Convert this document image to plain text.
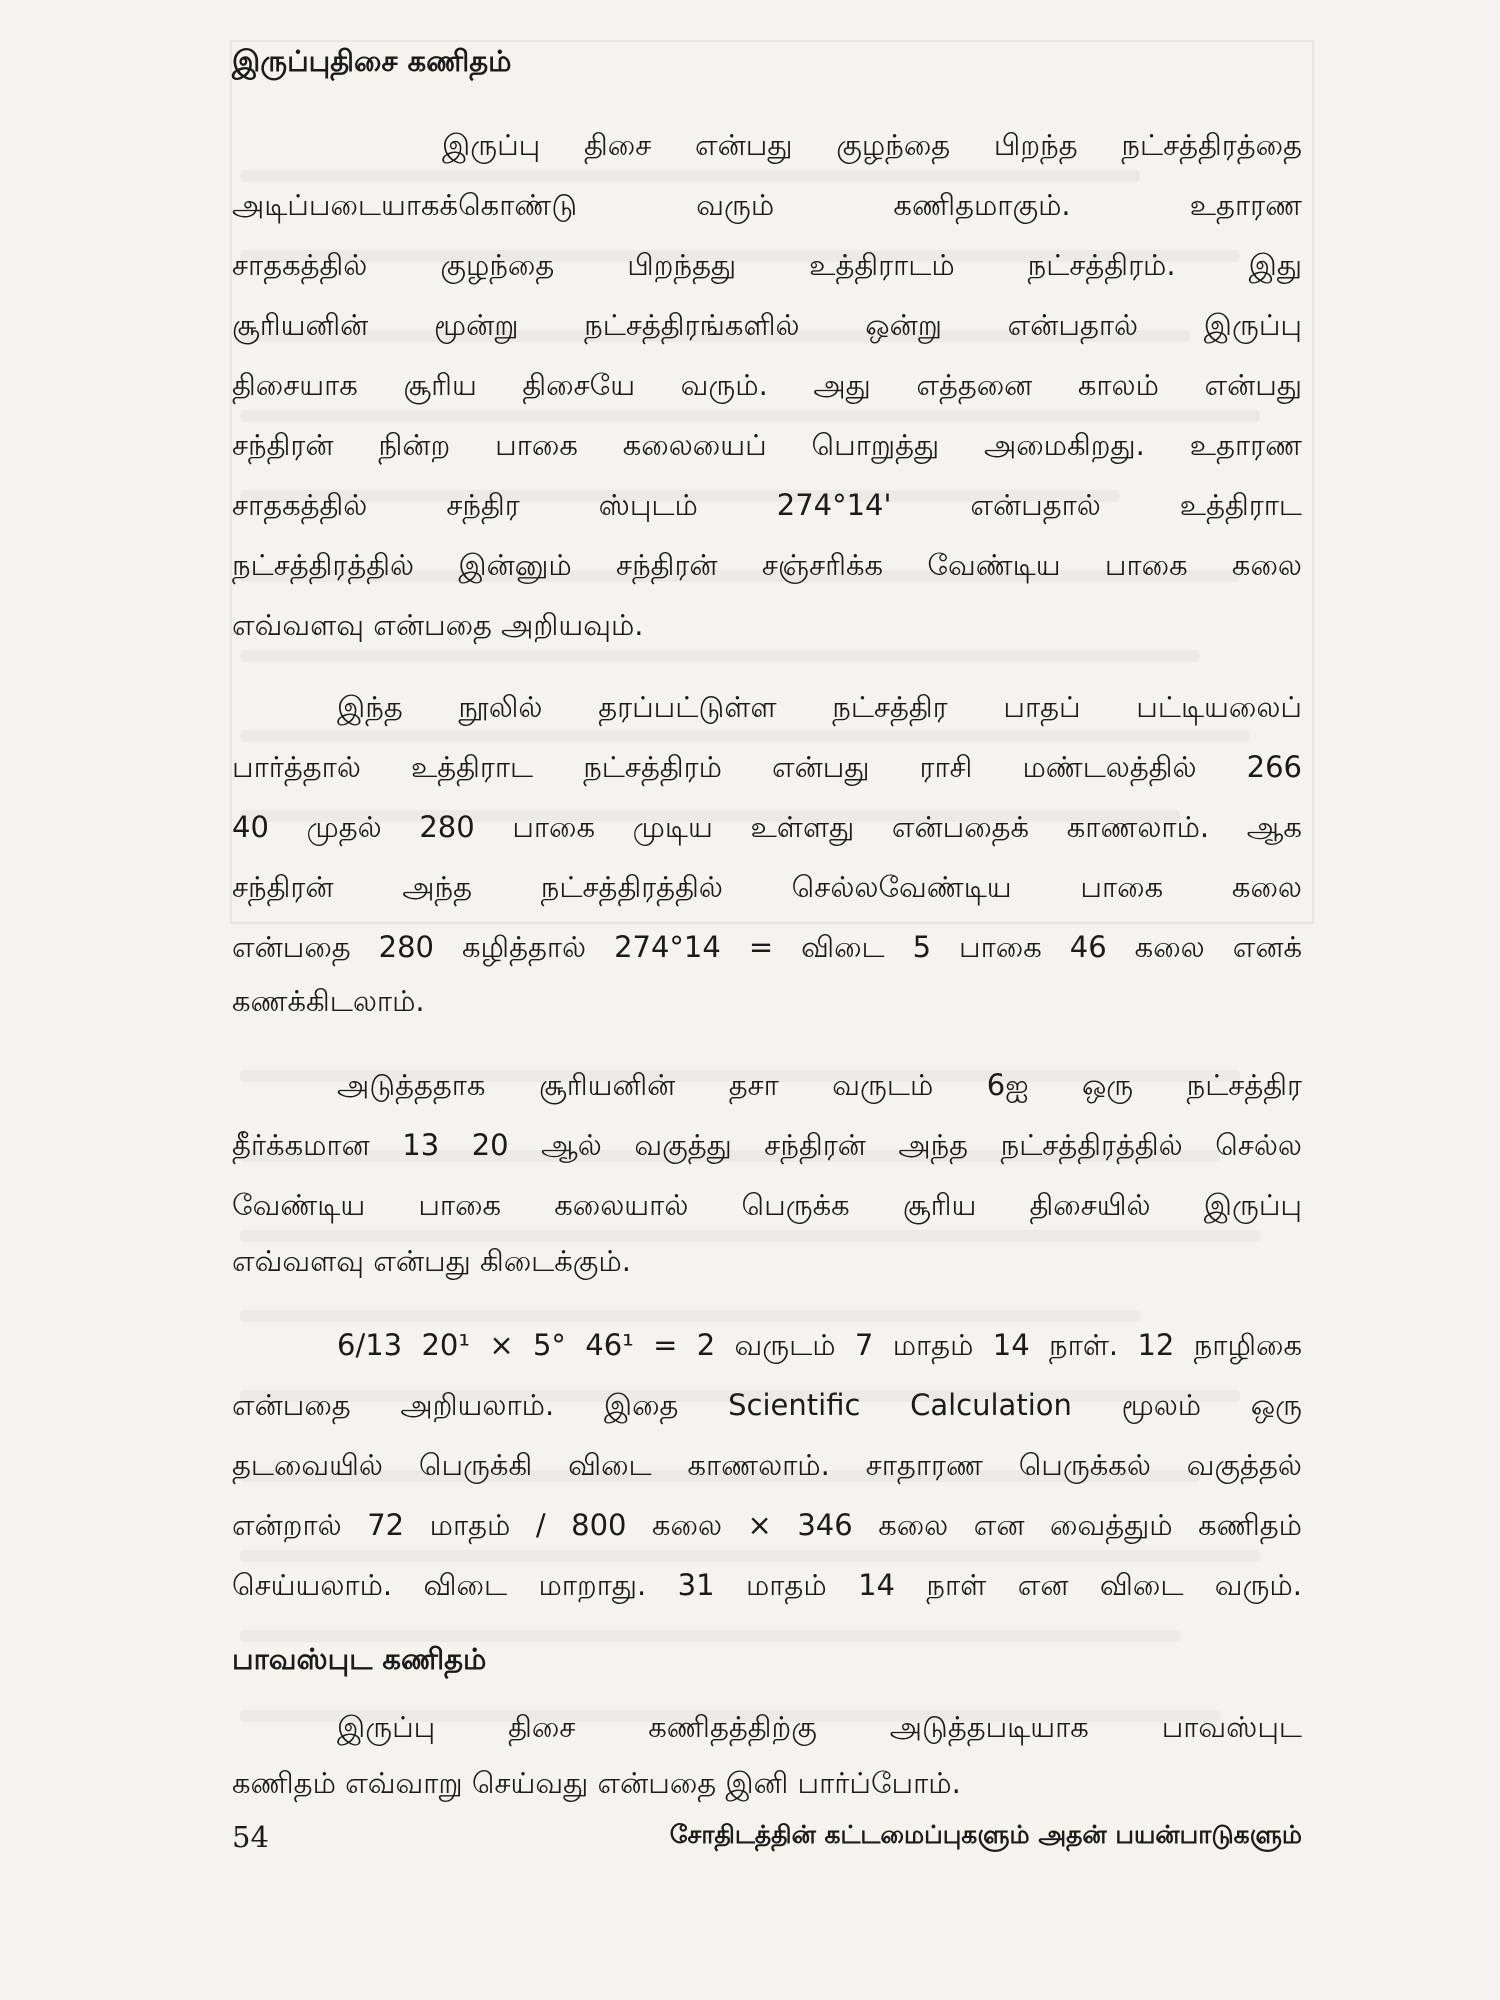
இருப்புதிசை கணிதம்
இருப்பு திசை என்பது குழந்தை பிறந்த நட்சத்திரத்தை
அடிப்படையாகக்கொண்டு வரும் கணிதமாகும். உதாரண
சாதகத்தில் குழந்தை பிறந்தது உத்திராடம் நட்சத்திரம். இது
சூரியனின் மூன்று நட்சத்திரங்களில் ஒன்று என்பதால் இருப்பு
திசையாக சூரிய திசையே வரும். அது எத்தனை காலம் என்பது
சந்திரன் நின்ற பாகை கலையைப் பொறுத்து அமைகிறது. உதாரண
சாதகத்தில் சந்திர ஸ்புடம் 274°14' என்பதால் உத்திராட
நட்சத்திரத்தில் இன்னும் சந்திரன் சஞ்சரிக்க வேண்டிய பாகை கலை
எவ்வளவு என்பதை அறியவும்.
இந்த நூலில் தரப்பட்டுள்ள நட்சத்திர பாதப் பட்டியலைப்
பார்த்தால் உத்திராட நட்சத்திரம் என்பது ராசி மண்டலத்தில் 266
40 முதல் 280 பாகை முடிய உள்ளது என்பதைக் காணலாம். ஆக
சந்திரன் அந்த நட்சத்திரத்தில் செல்லவேண்டிய பாகை கலை
என்பதை 280 கழித்தால் 274°14 = விடை 5 பாகை 46 கலை எனக்
கணக்கிடலாம்.
அடுத்ததாக சூரியனின் தசா வருடம் 6ஐ ஒரு நட்சத்திர
தீர்க்கமான 13 20 ஆல் வகுத்து சந்திரன் அந்த நட்சத்திரத்தில் செல்ல
வேண்டிய பாகை கலையால் பெருக்க சூரிய திசையில் இருப்பு
எவ்வளவு என்பது கிடைக்கும்.
6/13 20¹ × 5° 46¹ = 2 வருடம் 7 மாதம் 14 நாள். 12 நாழிகை
என்பதை அறியலாம். இதை Scientific Calculation மூலம் ஒரு
தடவையில் பெருக்கி விடை காணலாம். சாதாரண பெருக்கல் வகுத்தல்
என்றால் 72 மாதம் / 800 கலை × 346 கலை என வைத்தும் கணிதம்
செய்யலாம். விடை மாறாது. 31 மாதம் 14 நாள் என விடை வரும்.
பாவஸ்புட கணிதம்
இருப்பு திசை கணிதத்திற்கு அடுத்தபடியாக பாவஸ்புட
கணிதம் எவ்வாறு செய்வது என்பதை இனி பார்ப்போம்.
54	சோதிடத்தின் கட்டமைப்புகளும் அதன் பயன்பாடுகளும்
